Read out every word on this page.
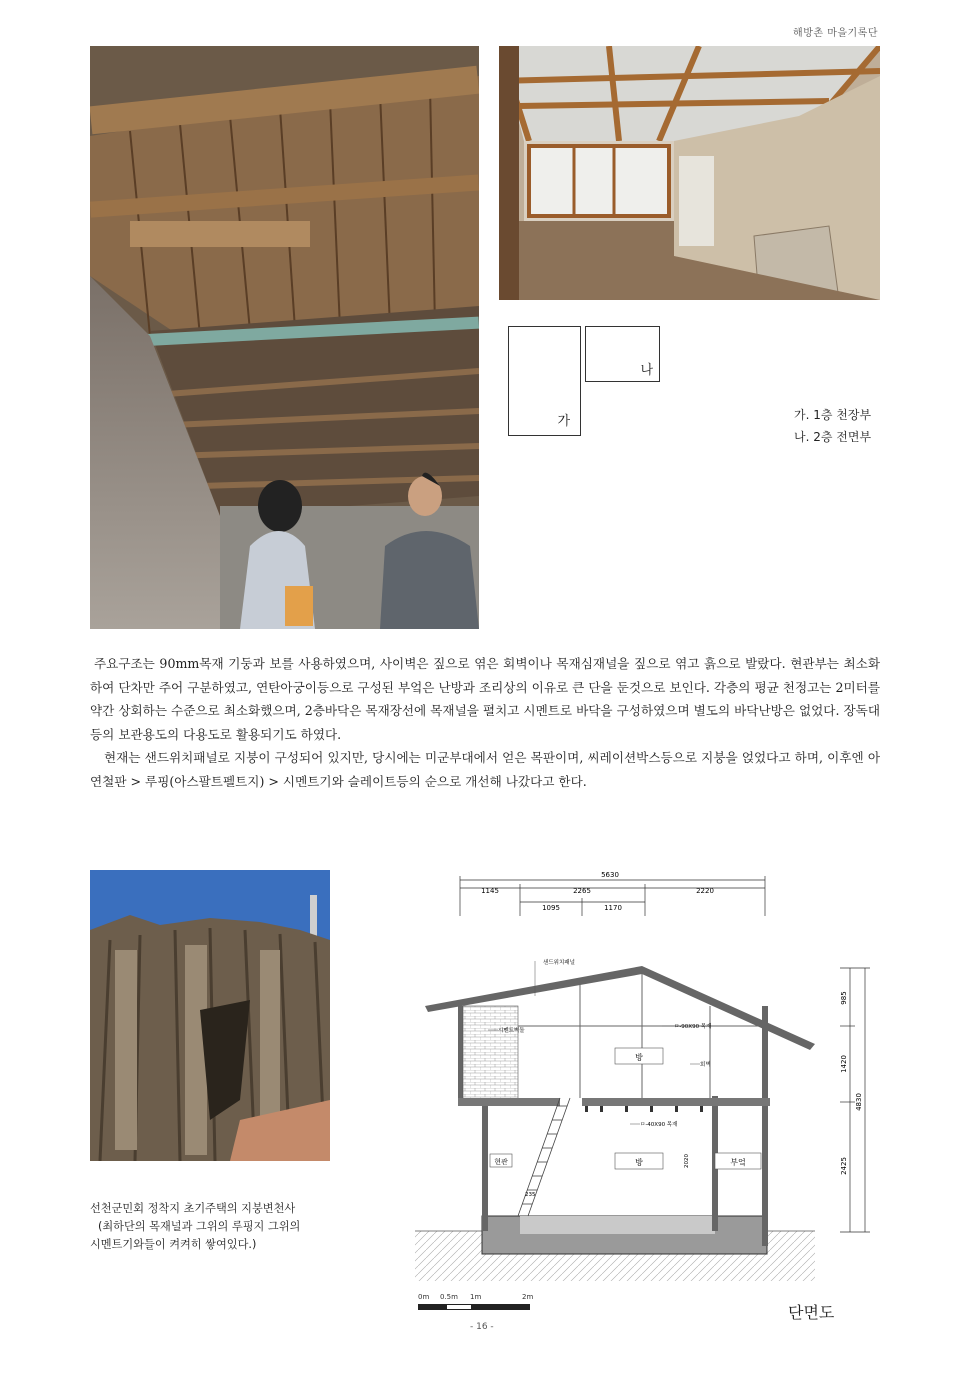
해방촌 마을기록단
가
나
가. 1층 천장부
나. 2층 전면부

주요구조는 90mm목재 기둥과 보를 사용하였으며, 사이벽은 짚으로 엮은 회벽이나 목재심재널을 짚으로 엮고 흙으로 발랐다. 현관부는 최소화 하여 단차만 주어 구분하였고, 연탄아궁이등으로 구성된 부엌은 난방과 조리상의 이유로 큰 단을 둔것으로 보인다. 각층의 평균 천정고는 2미터를 약간 상회하는 수준으로 최소화했으며, 2층바닥은 목재장선에 목재널을 펼치고 시멘트로 바닥을 구성하였으며 별도의 바닥난방은 없었다. 장독대등의 보관용도의 다용도로 활용되기도 하였다.

현재는 샌드위치패널로 지붕이 구성되어 있지만, 당시에는 미군부대에서 얻은 목판이며, 씨레이션박스등으로 지붕을 얹었다고 하며, 이후엔 아연철판 > 루핑(아스팔트펠트지) > 시멘트기와 슬레이트등의 순으로 개선해 나갔다고 한다.

선천군민회 정착지 초기주택의 지붕변천사
(최하단의 목재널과 그위의 루핑지 그위의
시멘트기와들이 켜켜히 쌓여있다.)
5630
1145	2265	2220
1095	1170
방
방
현관	부엌
샌드위치패널
시멘트벽돌
ㅁ-90X90 목재
회벽
ㅁ-40X90 목재
235
2020
985
1420
2425
4830
0m 0.5m 1m	2m
단면도
- 16 -
